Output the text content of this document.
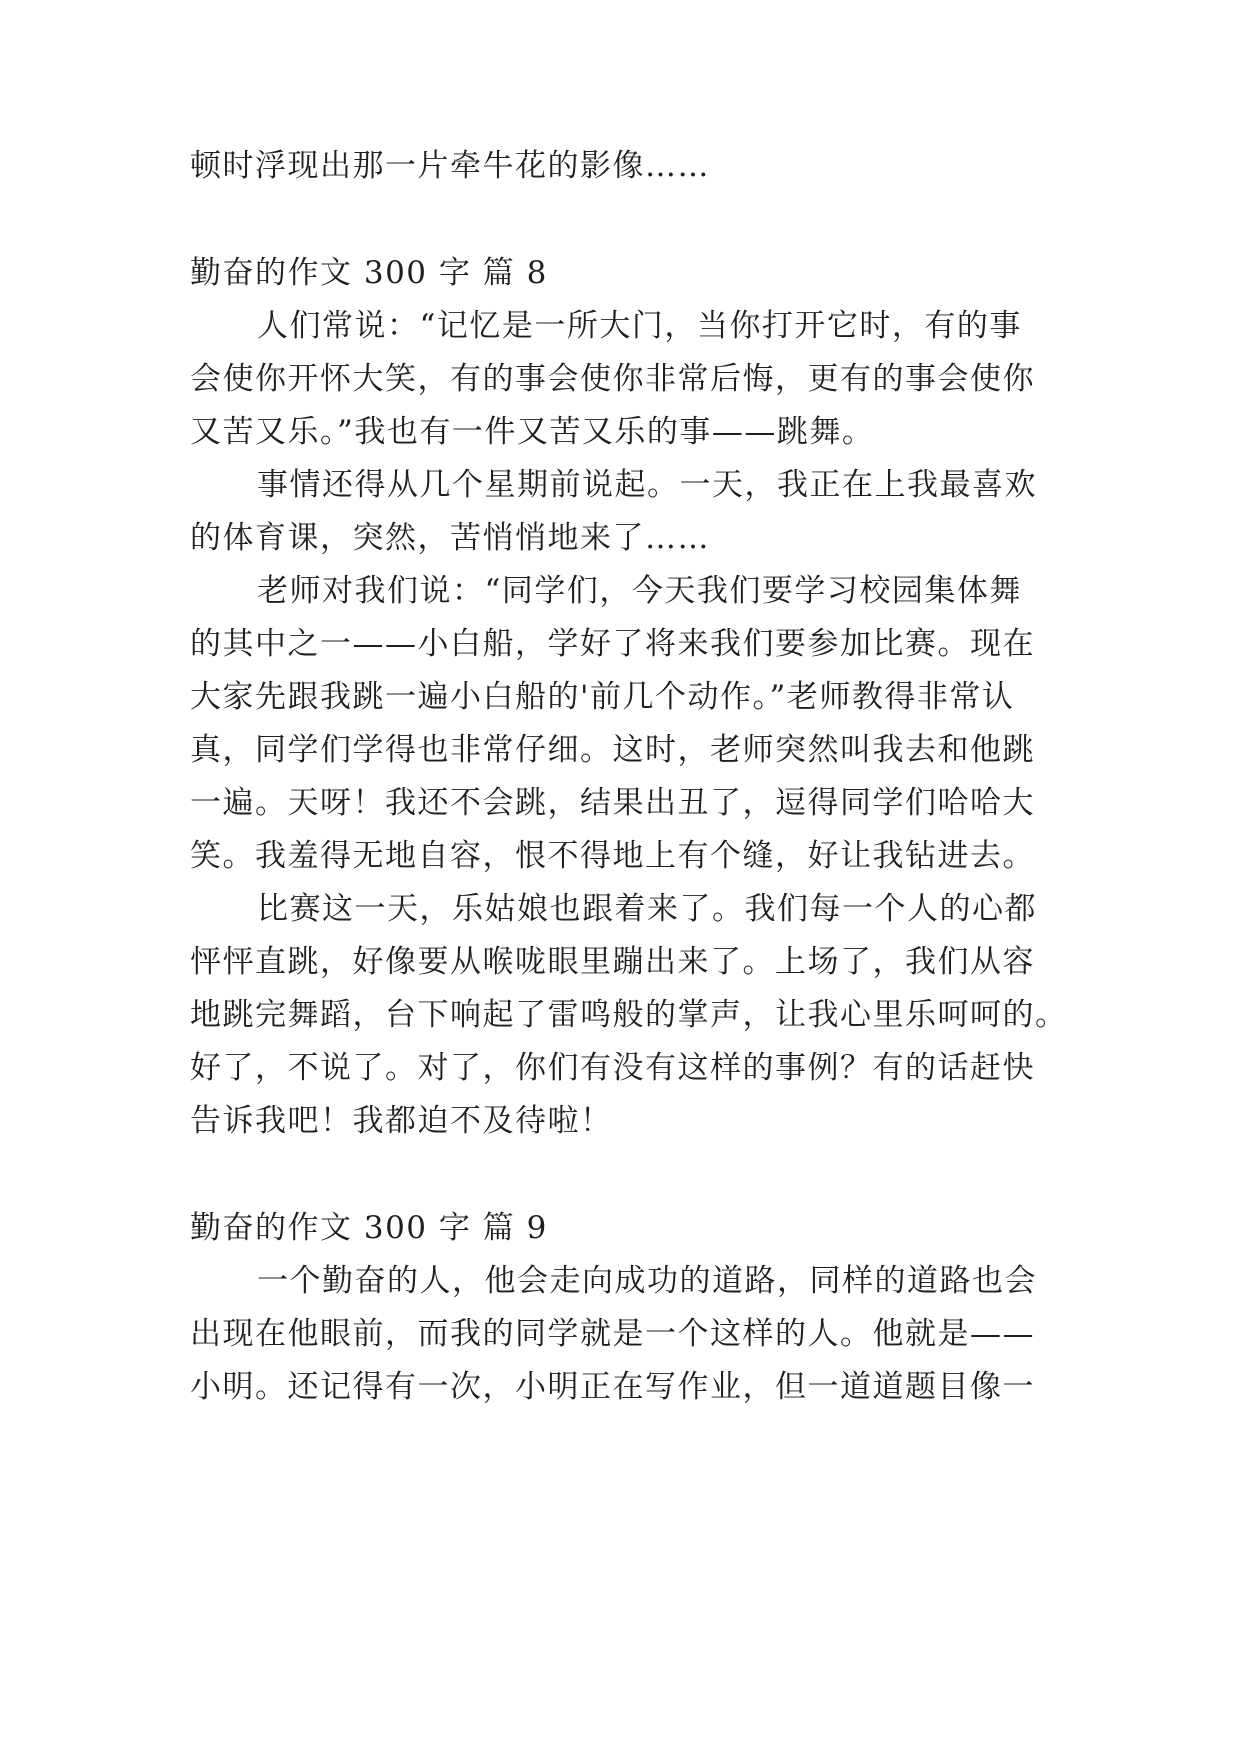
顿时浮现出那一片牵牛花的影像……
勤奋的作文 300 字 篇 8
人们常说：“记忆是一所大门，当你打开它时，有的事
会使你开怀大笑，有的事会使你非常后悔，更有的事会使你
又苦又乐。”我也有一件又苦又乐的事——跳舞。
事情还得从几个星期前说起。一天，我正在上我最喜欢
的体育课，突然，苦悄悄地来了……
老师对我们说：“同学们，今天我们要学习校园集体舞
的其中之一——小白船，学好了将来我们要参加比赛。现在
大家先跟我跳一遍小白船的'前几个动作。”老师教得非常认
真，同学们学得也非常仔细。这时，老师突然叫我去和他跳
一遍。天呀！我还不会跳，结果出丑了，逗得同学们哈哈大
笑。我羞得无地自容，恨不得地上有个缝，好让我钻进去。
比赛这一天，乐姑娘也跟着来了。我们每一个人的心都
怦怦直跳，好像要从喉咙眼里蹦出来了。上场了，我们从容
地跳完舞蹈，台下响起了雷鸣般的掌声，让我心里乐呵呵的。
好了，不说了。对了，你们有没有这样的事例？有的话赶快
告诉我吧！我都迫不及待啦！
勤奋的作文 300 字 篇 9
一个勤奋的人，他会走向成功的道路，同样的道路也会
出现在他眼前，而我的同学就是一个这样的人。他就是——
小明。还记得有一次，小明正在写作业，但一道道题目像一
